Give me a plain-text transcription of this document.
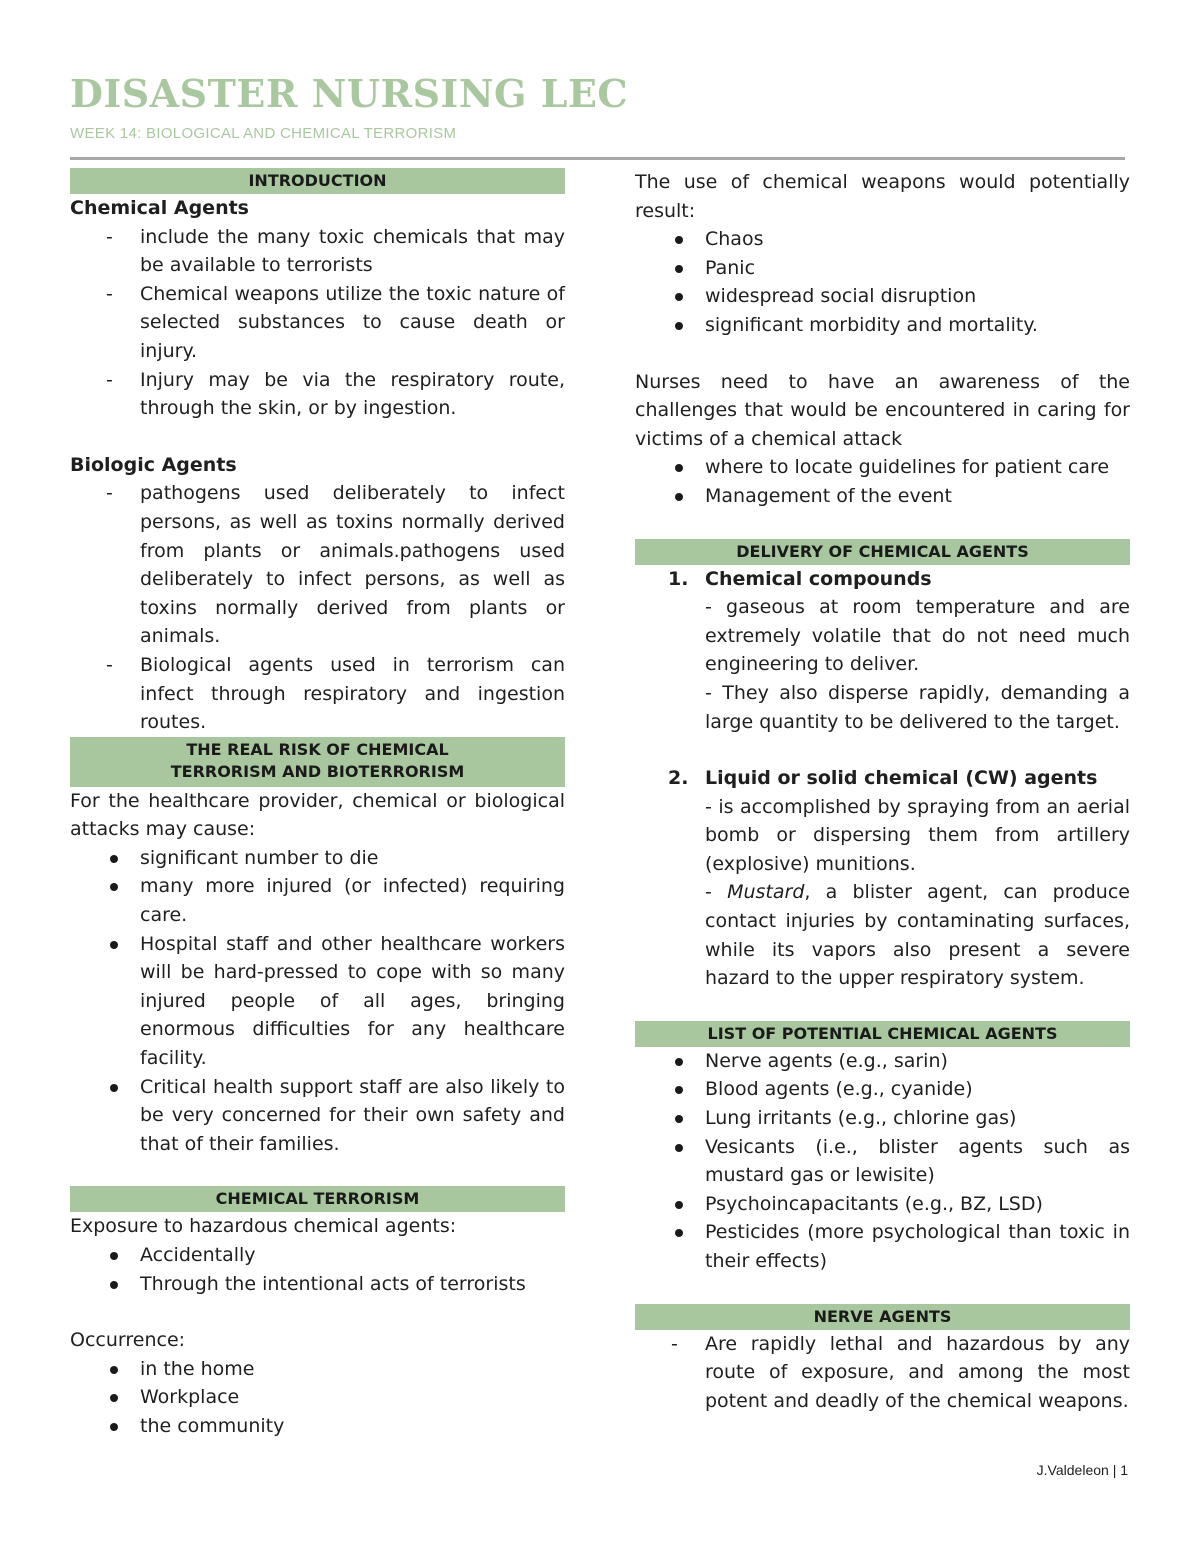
DISASTER NURSING LEC
WEEK 14: BIOLOGICAL AND CHEMICAL TERRORISM
INTRODUCTION
Chemical Agents
- include the many toxic chemicals that may be available to terrorists
- Chemical weapons utilize the toxic nature of selected substances to cause death or injury.
- Injury may be via the respiratory route, through the skin, or by ingestion.
Biologic Agents
- pathogens used deliberately to infect persons, as well as toxins normally derived from plants or animals.pathogens used deliberately to infect persons, as well as toxins normally derived from plants or animals.
- Biological agents used in terrorism can infect through respiratory and ingestion routes.
THE REAL RISK OF CHEMICAL
TERRORISM AND BIOTERRORISM

For the healthcare provider, chemical or biological attacks may cause:

significant number to die
many more injured (or infected) requiring care.
Hospital staff and other healthcare workers will be hard-pressed to cope with so many injured people of all ages, bringing enormous difficulties for any healthcare facility.
Critical health support staff are also likely to be very concerned for their own safety and that of their families.
CHEMICAL TERRORISM

Exposure to hazardous chemical agents:

Accidentally
Through the intentional acts of terrorists

Occurrence:

in the home
Workplace
the community

The use of chemical weapons would potentially result:

Chaos
Panic
widespread social disruption
significant morbidity and mortality.

Nurses need to have an awareness of the challenges that would be encountered in caring for victims of a chemical attack

where to locate guidelines for patient care
Management of the event
DELIVERY OF CHEMICAL AGENTS
1. Chemical compounds

- gaseous at room temperature and are extremely volatile that do not need much engineering to deliver.

- They also disperse rapidly, demanding a large quantity to be delivered to the target.

2. Liquid or solid chemical (CW) agents

- is accomplished by spraying from an aerial bomb or dispersing them from artillery (explosive) munitions.

- Mustard, a blister agent, can produce contact injuries by contaminating surfaces, while its vapors also present a severe hazard to the upper respiratory system.

LIST OF POTENTIAL CHEMICAL AGENTS
Nerve agents (e.g., sarin)
Blood agents (e.g., cyanide)
Lung irritants (e.g., chlorine gas)
Vesicants (i.e., blister agents such as mustard gas or lewisite)
Psychoincapacitants (e.g., BZ, LSD)
Pesticides (more psychological than toxic in their effects)
NERVE AGENTS
- Are rapidly lethal and hazardous by any route of exposure, and among the most potent and deadly of the chemical weapons.
J.Valdeleon | 1
